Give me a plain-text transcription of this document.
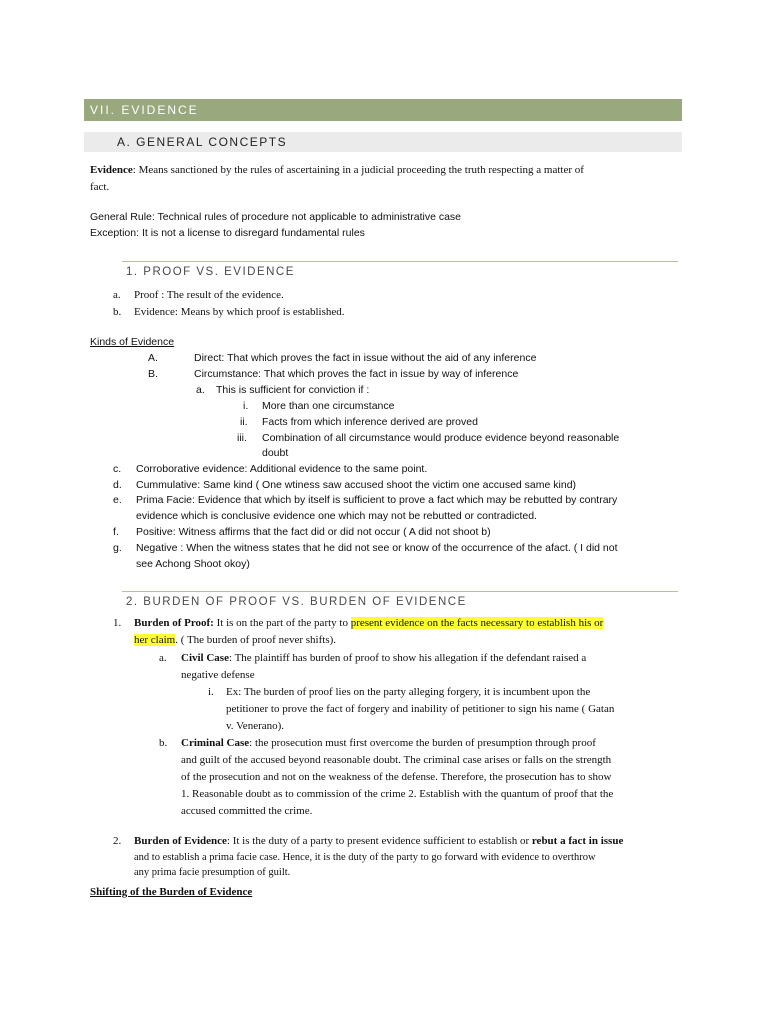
VII. EVIDENCE
A. GENERAL CONCEPTS
Evidence: Means sanctioned by the rules of ascertaining in a judicial proceeding the truth respecting a matter of
fact.
General Rule: Technical rules of procedure not applicable to administrative case
Exception: It is not a license to disregard fundamental rules
1. PROOF VS. EVIDENCE
a. Proof : The result of the evidence.
b. Evidence: Means by which proof is established.
Kinds of Evidence
A.	Direct: That which proves the fact in issue without the aid of any inference
B.	Circumstance: That which proves the fact in issue by way of inference
a. This is sufficient for conviction if :
i. More than one circumstance
ii. Facts from which inference derived are proved
iii. Combination of all circumstance would produce evidence beyond reasonable
doubt
c. Corroborative evidence: Additional evidence to the same point.
d. Cummulative: Same kind ( One wtiness saw accused shoot the victim one accused same kind)
e. Prima Facie: Evidence that which by itself is sufficient to prove a fact which may be rebutted by contrary
evidence which is conclusive evidence one which may not be rebutted or contradicted.
f. Positive: Witness affirms that the fact did or did not occur ( A did not shoot b)
g. Negative : When the witness states that he did not see or know of the occurrence of the afact. ( I did not
see Achong Shoot okoy)
2. BURDEN OF PROOF VS. BURDEN OF EVIDENCE
1. Burden of Proof: It is on the part of the party to present evidence on the facts necessary to establish his or
her claim. ( The burden of proof never shifts).
a. Civil Case: The plaintiff has burden of proof to show his allegation if the defendant raised a
negative defense
i. Ex: The burden of proof lies on the party alleging forgery, it is incumbent upon the
petitioner to prove the fact of forgery and inability of petitioner to sign his name ( Gatan
v. Venerano).
b. Criminal Case: the prosecution must first overcome the burden of presumption through proof
and guilt of the accused beyond reasonable doubt. The criminal case arises or falls on the strength
of the prosecution and not on the weakness of the defense. Therefore, the prosecution has to show
1. Reasonable doubt as to commission of the crime 2. Establish with the quantum of proof that the
accused committed the crime.
2. Burden of Evidence: It is the duty of a party to present evidence sufficient to establish or rebut a fact in issue
and to establish a prima facie case. Hence, it is the duty of the party to go forward with evidence to overthrow
any prima facie presumption of guilt.
Shifting of the Burden of Evidence
